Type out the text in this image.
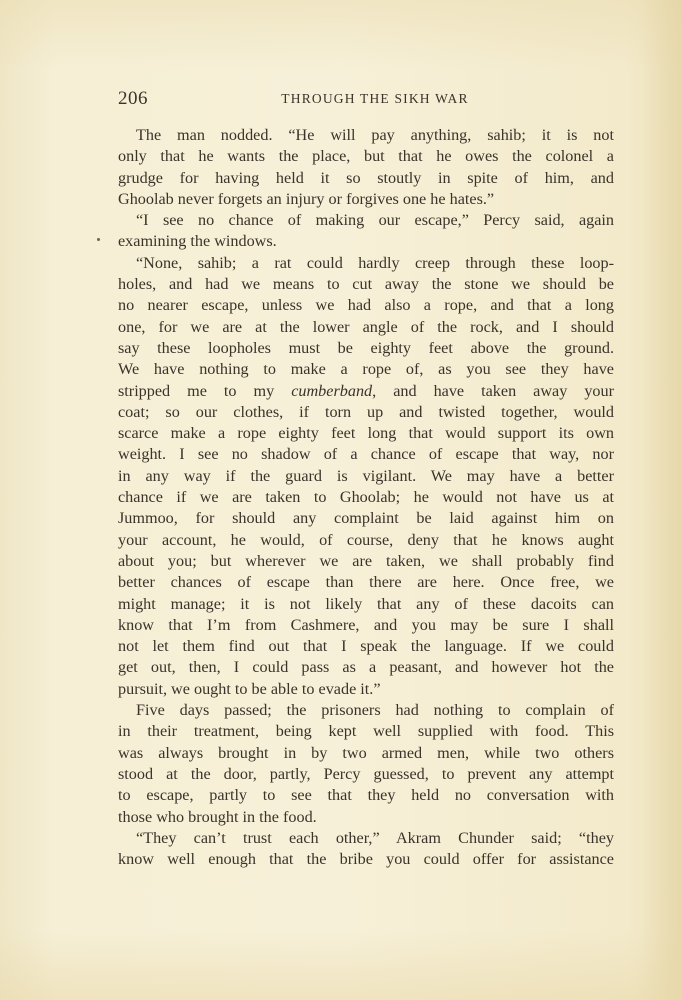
206	THROUGH THE SIKH WAR
The man nodded. “He will pay anything, sahib; it is not
only that he wants the place, but that he owes the colonel a
grudge for having held it so stoutly in spite of him, and
Ghoolab never forgets an injury or forgives one he hates.”
“I see no chance of making our escape,” Percy said, again
examining the windows.
“None, sahib; a rat could hardly creep through these loop-
holes, and had we means to cut away the stone we should be
no nearer escape, unless we had also a rope, and that a long
one, for we are at the lower angle of the rock, and I should
say these loopholes must be eighty feet above the ground.
We have nothing to make a rope of, as you see they have
stripped me to my cumberband, and have taken away your
coat; so our clothes, if torn up and twisted together, would
scarce make a rope eighty feet long that would support its own
weight. I see no shadow of a chance of escape that way, nor
in any way if the guard is vigilant. We may have a better
chance if we are taken to Ghoolab; he would not have us at
Jummoo, for should any complaint be laid against him on
your account, he would, of course, deny that he knows aught
about you; but wherever we are taken, we shall probably find
better chances of escape than there are here. Once free, we
might manage; it is not likely that any of these dacoits can
know that I’m from Cashmere, and you may be sure I shall
not let them find out that I speak the language. If we could
get out, then, I could pass as a peasant, and however hot the
pursuit, we ought to be able to evade it.”
Five days passed; the prisoners had nothing to complain of
in their treatment, being kept well supplied with food. This
was always brought in by two armed men, while two others
stood at the door, partly, Percy guessed, to prevent any attempt
to escape, partly to see that they held no conversation with
those who brought in the food.
“They can’t trust each other,” Akram Chunder said; “they
know well enough that the bribe you could offer for assistance
